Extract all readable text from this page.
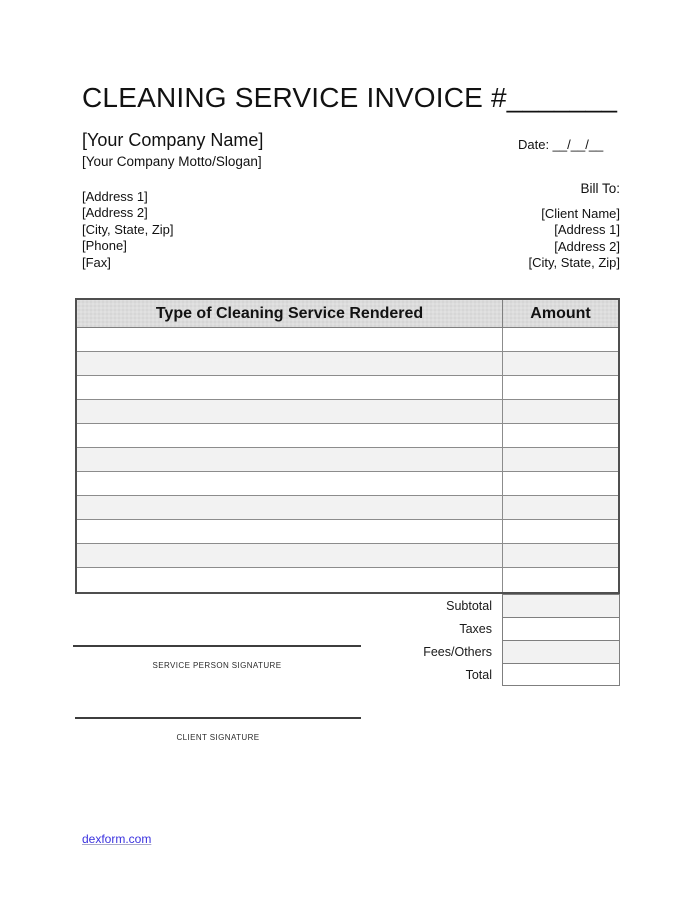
CLEANING SERVICE INVOICE #_______
[Your Company Name]	Date: __/__/__
[Your Company Motto/Slogan]
Bill To:
[Address 1]
[Address 2]
[City, State, Zip]
[Phone]
[Fax]
[Client Name]
[Address 1]
[Address 2]
[City, State, Zip]
Type of Cleaning Service Rendered	Amount
Subtotal
Taxes
Fees/Others
Total
SERVICE PERSON SIGNATURE
CLIENT SIGNATURE
dexform.com
